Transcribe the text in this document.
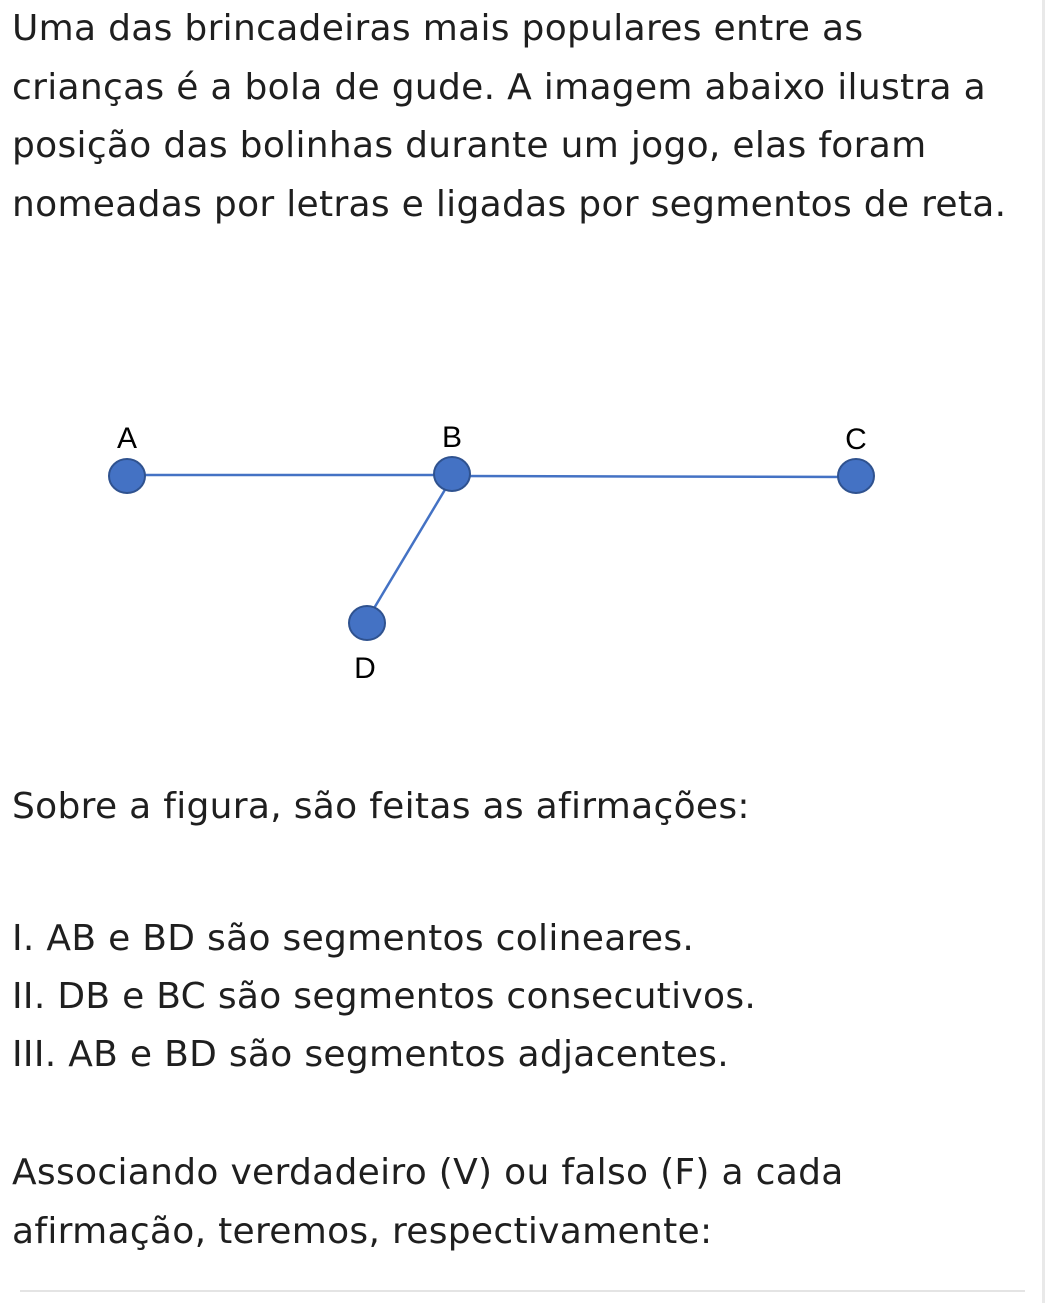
Uma das brincadeiras mais populares entre as crianças é a bola de gude. A imagem abaixo ilustra a posição das bolinhas durante um jogo, elas foram nomeadas por letras e ligadas por segmentos de reta.

A	B	C
D

Sobre a figura, são feitas as afirmações:

I. AB e BD são segmentos colineares.

II. DB e BC são segmentos consecutivos.

III. AB e BD são segmentos adjacentes.

Associando verdadeiro (V) ou falso (F) a cada afirmação, teremos, respectivamente:
